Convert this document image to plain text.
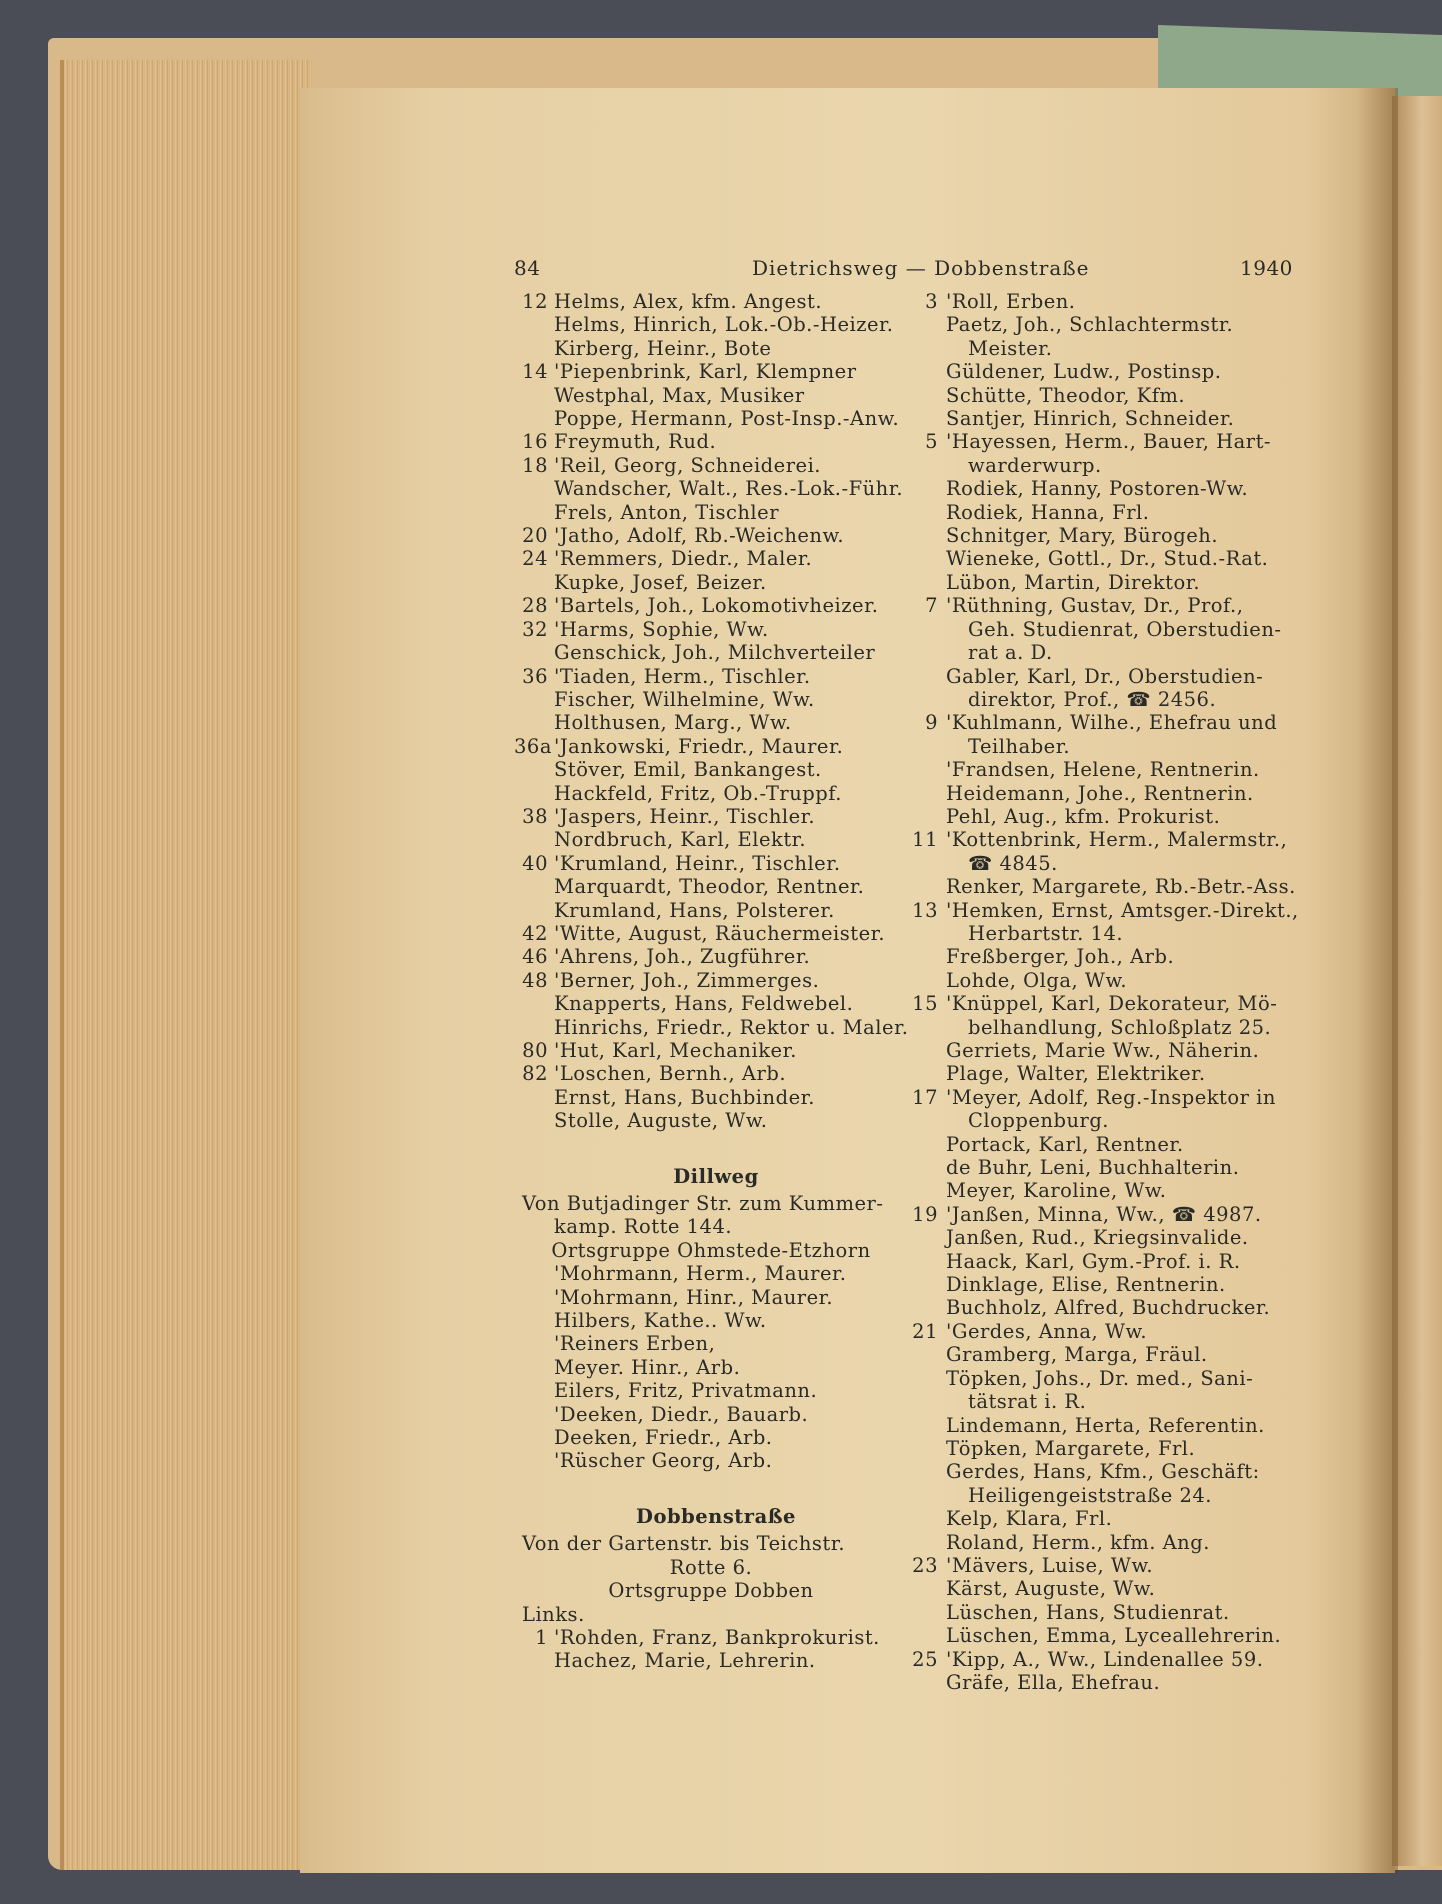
84	Dietrichsweg — Dobbenstraße	1940
12 Helms, Alex, kfm. Angest.
Helms, Hinrich, Lok.-Ob.-Heizer.
Kirberg, Heinr., Bote
14 'Piepenbrink, Karl, Klempner
Westphal, Max, Musiker
Poppe, Hermann, Post-Insp.-Anw.
16 Freymuth, Rud.
18 'Reil, Georg, Schneiderei.
Wandscher, Walt., Res.-Lok.-Führ.
Frels, Anton, Tischler
20 'Jatho, Adolf, Rb.-Weichenw.
24 'Remmers, Diedr., Maler.
Kupke, Josef, Beizer.
28 'Bartels, Joh., Lokomotivheizer.
32 'Harms, Sophie, Ww.
Genschick, Joh., Milchverteiler
36 'Tiaden, Herm., Tischler.
Fischer, Wilhelmine, Ww.
Holthusen, Marg., Ww.
36a 'Jankowski, Friedr., Maurer.
Stöver, Emil, Bankangest.
Hackfeld, Fritz, Ob.-Truppf.
38 'Jaspers, Heinr., Tischler.
Nordbruch, Karl, Elektr.
40 'Krumland, Heinr., Tischler.
Marquardt, Theodor, Rentner.
Krumland, Hans, Polsterer.
42 'Witte, August, Räuchermeister.
46 'Ahrens, Joh., Zugführer.
48 'Berner, Joh., Zimmerges.
Knapperts, Hans, Feldwebel.
Hinrichs, Friedr., Rektor u. Maler.
80 'Hut, Karl, Mechaniker.
82 'Loschen, Bernh., Arb.
Ernst, Hans, Buchbinder.
Stolle, Auguste, Ww.
Dillweg
Von Butjadinger Str. zum Kummer-
kamp. Rotte 144.
Ortsgruppe Ohmstede-Etzhorn
'Mohrmann, Herm., Maurer.
'Mohrmann, Hinr., Maurer.
Hilbers, Kathe.. Ww.
'Reiners Erben,
Meyer. Hinr., Arb.
Eilers, Fritz, Privatmann.
'Deeken, Diedr., Bauarb.
Deeken, Friedr., Arb.
'Rüscher Georg, Arb.
Dobbenstraße
Von der Gartenstr. bis Teichstr.
Rotte 6.
Ortsgruppe Dobben
Links.
1 'Rohden, Franz, Bankprokurist.
Hachez, Marie, Lehrerin.
3 'Roll, Erben.
Paetz, Joh., Schlachtermstr.
Meister.
Güldener, Ludw., Postinsp.
Schütte, Theodor, Kfm.
Santjer, Hinrich, Schneider.
5 'Hayessen, Herm., Bauer, Hart-
warderwurp.
Rodiek, Hanny, Postoren-Ww.
Rodiek, Hanna, Frl.
Schnitger, Mary, Bürogeh.
Wieneke, Gottl., Dr., Stud.-Rat.
Lübon, Martin, Direktor.
7 'Rüthning, Gustav, Dr., Prof.,
Geh. Studienrat, Oberstudien-
rat a. D.
Gabler, Karl, Dr., Oberstudien-
direktor, Prof., ☎ 2456.
9 'Kuhlmann, Wilhe., Ehefrau und
Teilhaber.
'Frandsen, Helene, Rentnerin.
Heidemann, Johe., Rentnerin.
Pehl, Aug., kfm. Prokurist.
11 'Kottenbrink, Herm., Malermstr.,
☎ 4845.
Renker, Margarete, Rb.-Betr.-Ass.
13 'Hemken, Ernst, Amtsger.-Direkt.,
Herbartstr. 14.
Freßberger, Joh., Arb.
Lohde, Olga, Ww.
15 'Knüppel, Karl, Dekorateur, Mö-
belhandlung, Schloßplatz 25.
Gerriets, Marie Ww., Näherin.
Plage, Walter, Elektriker.
17 'Meyer, Adolf, Reg.-Inspektor in
Cloppenburg.
Portack, Karl, Rentner.
de Buhr, Leni, Buchhalterin.
Meyer, Karoline, Ww.
19 'Janßen, Minna, Ww., ☎ 4987.
Janßen, Rud., Kriegsinvalide.
Haack, Karl, Gym.-Prof. i. R.
Dinklage, Elise, Rentnerin.
Buchholz, Alfred, Buchdrucker.
21 'Gerdes, Anna, Ww.
Gramberg, Marga, Fräul.
Töpken, Johs., Dr. med., Sani-
tätsrat i. R.
Lindemann, Herta, Referentin.
Töpken, Margarete, Frl.
Gerdes, Hans, Kfm., Geschäft:
Heiligengeiststraße 24.
Kelp, Klara, Frl.
Roland, Herm., kfm. Ang.
23 'Mävers, Luise, Ww.
Kärst, Auguste, Ww.
Lüschen, Hans, Studienrat.
Lüschen, Emma, Lyceallehrerin.
25 'Kipp, A., Ww., Lindenallee 59.
Gräfe, Ella, Ehefrau.
